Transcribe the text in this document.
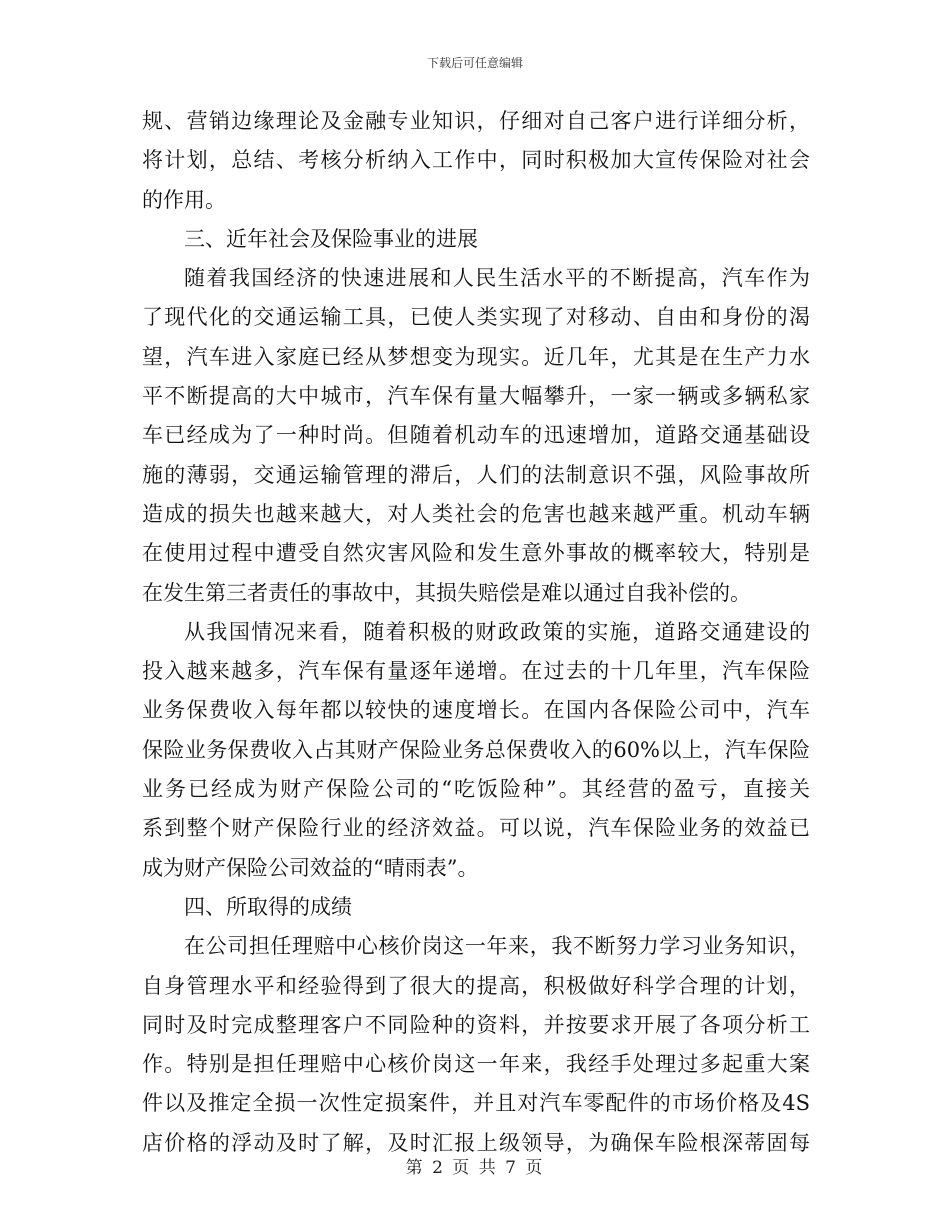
下载后可任意编辑
规、营销边缘理论及金融专业知识，仔细对自己客户进行详细分析，
将计划，总结、考核分析纳入工作中，同时积极加大宣传保险对社会
的作用。
三、近年社会及保险事业的进展
随着我国经济的快速进展和人民生活水平的不断提高，汽车作为
了现代化的交通运输工具，已使人类实现了对移动、自由和身份的渴
望，汽车进入家庭已经从梦想变为现实。近几年，尤其是在生产力水
平不断提高的大中城市，汽车保有量大幅攀升，一家一辆或多辆私家
车已经成为了一种时尚。但随着机动车的迅速增加，道路交通基础设
施的薄弱，交通运输管理的滞后，人们的法制意识不强，风险事故所
造成的损失也越来越大，对人类社会的危害也越来越严重。机动车辆
在使用过程中遭受自然灾害风险和发生意外事故的概率较大，特别是
在发生第三者责任的事故中，其损失赔偿是难以通过自我补偿的。
从我国情况来看，随着积极的财政政策的实施，道路交通建设的
投入越来越多，汽车保有量逐年递增。在过去的十几年里，汽车保险
业务保费收入每年都以较快的速度增长。在国内各保险公司中，汽车
保险业务保费收入占其财产保险业务总保费收入的60%以上，汽车保险
业务已经成为财产保险公司的“吃饭险种”。其经营的盈亏，直接关
系到整个财产保险行业的经济效益。可以说，汽车保险业务的效益已
成为财产保险公司效益的“晴雨表”。
四、所取得的成绩
在公司担任理赔中心核价岗这一年来，我不断努力学习业务知识，
自身管理水平和经验得到了很大的提高，积极做好科学合理的计划，
同时及时完成整理客户不同险种的资料，并按要求开展了各项分析工
作。特别是担任理赔中心核价岗这一年来，我经手处理过多起重大案
件以及推定全损一次性定损案件，并且对汽车零配件的市场价格及4S
店价格的浮动及时了解，及时汇报上级领导，为确保车险根深蒂固每
第 2 页 共 7 页
